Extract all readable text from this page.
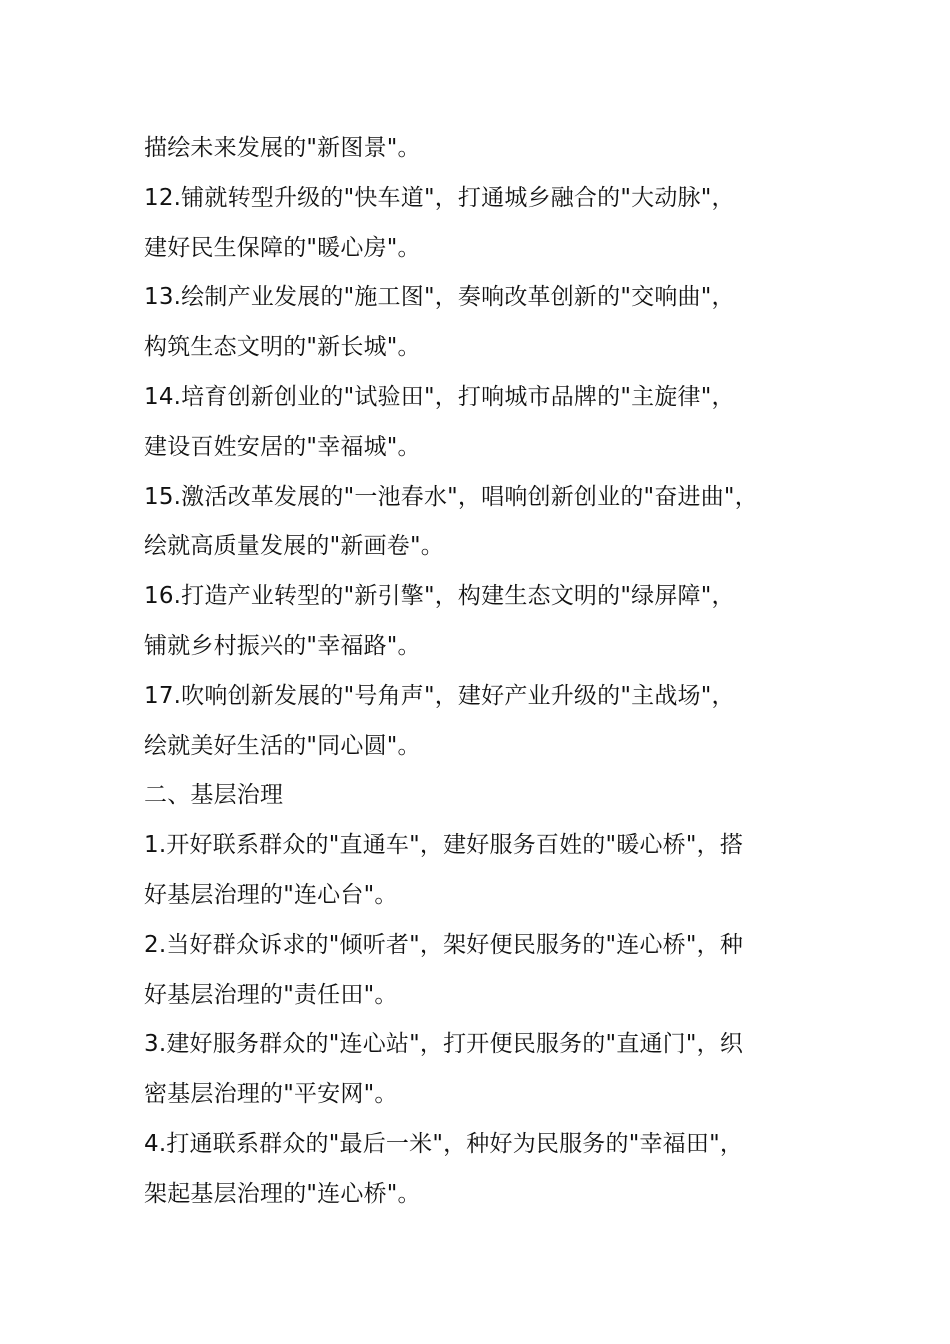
描绘未来发展的"新图景"。
12.铺就转型升级的"快车道"，打通城乡融合的"大动脉"，
建好民生保障的"暖心房"。
13.绘制产业发展的"施工图"，奏响改革创新的"交响曲"，
构筑生态文明的"新长城"。
14.培育创新创业的"试验田"，打响城市品牌的"主旋律"，
建设百姓安居的"幸福城"。
15.激活改革发展的"一池春水"，唱响创新创业的"奋进曲"，
绘就高质量发展的"新画卷"。
16.打造产业转型的"新引擎"，构建生态文明的"绿屏障"，
铺就乡村振兴的"幸福路"。
17.吹响创新发展的"号角声"，建好产业升级的"主战场"，
绘就美好生活的"同心圆"。
二、基层治理
1.开好联系群众的"直通车"，建好服务百姓的"暖心桥"，搭
好基层治理的"连心台"。
2.当好群众诉求的"倾听者"，架好便民服务的"连心桥"，种
好基层治理的"责任田"。
3.建好服务群众的"连心站"，打开便民服务的"直通门"，织
密基层治理的"平安网"。
4.打通联系群众的"最后一米"，种好为民服务的"幸福田"，
架起基层治理的"连心桥"。
